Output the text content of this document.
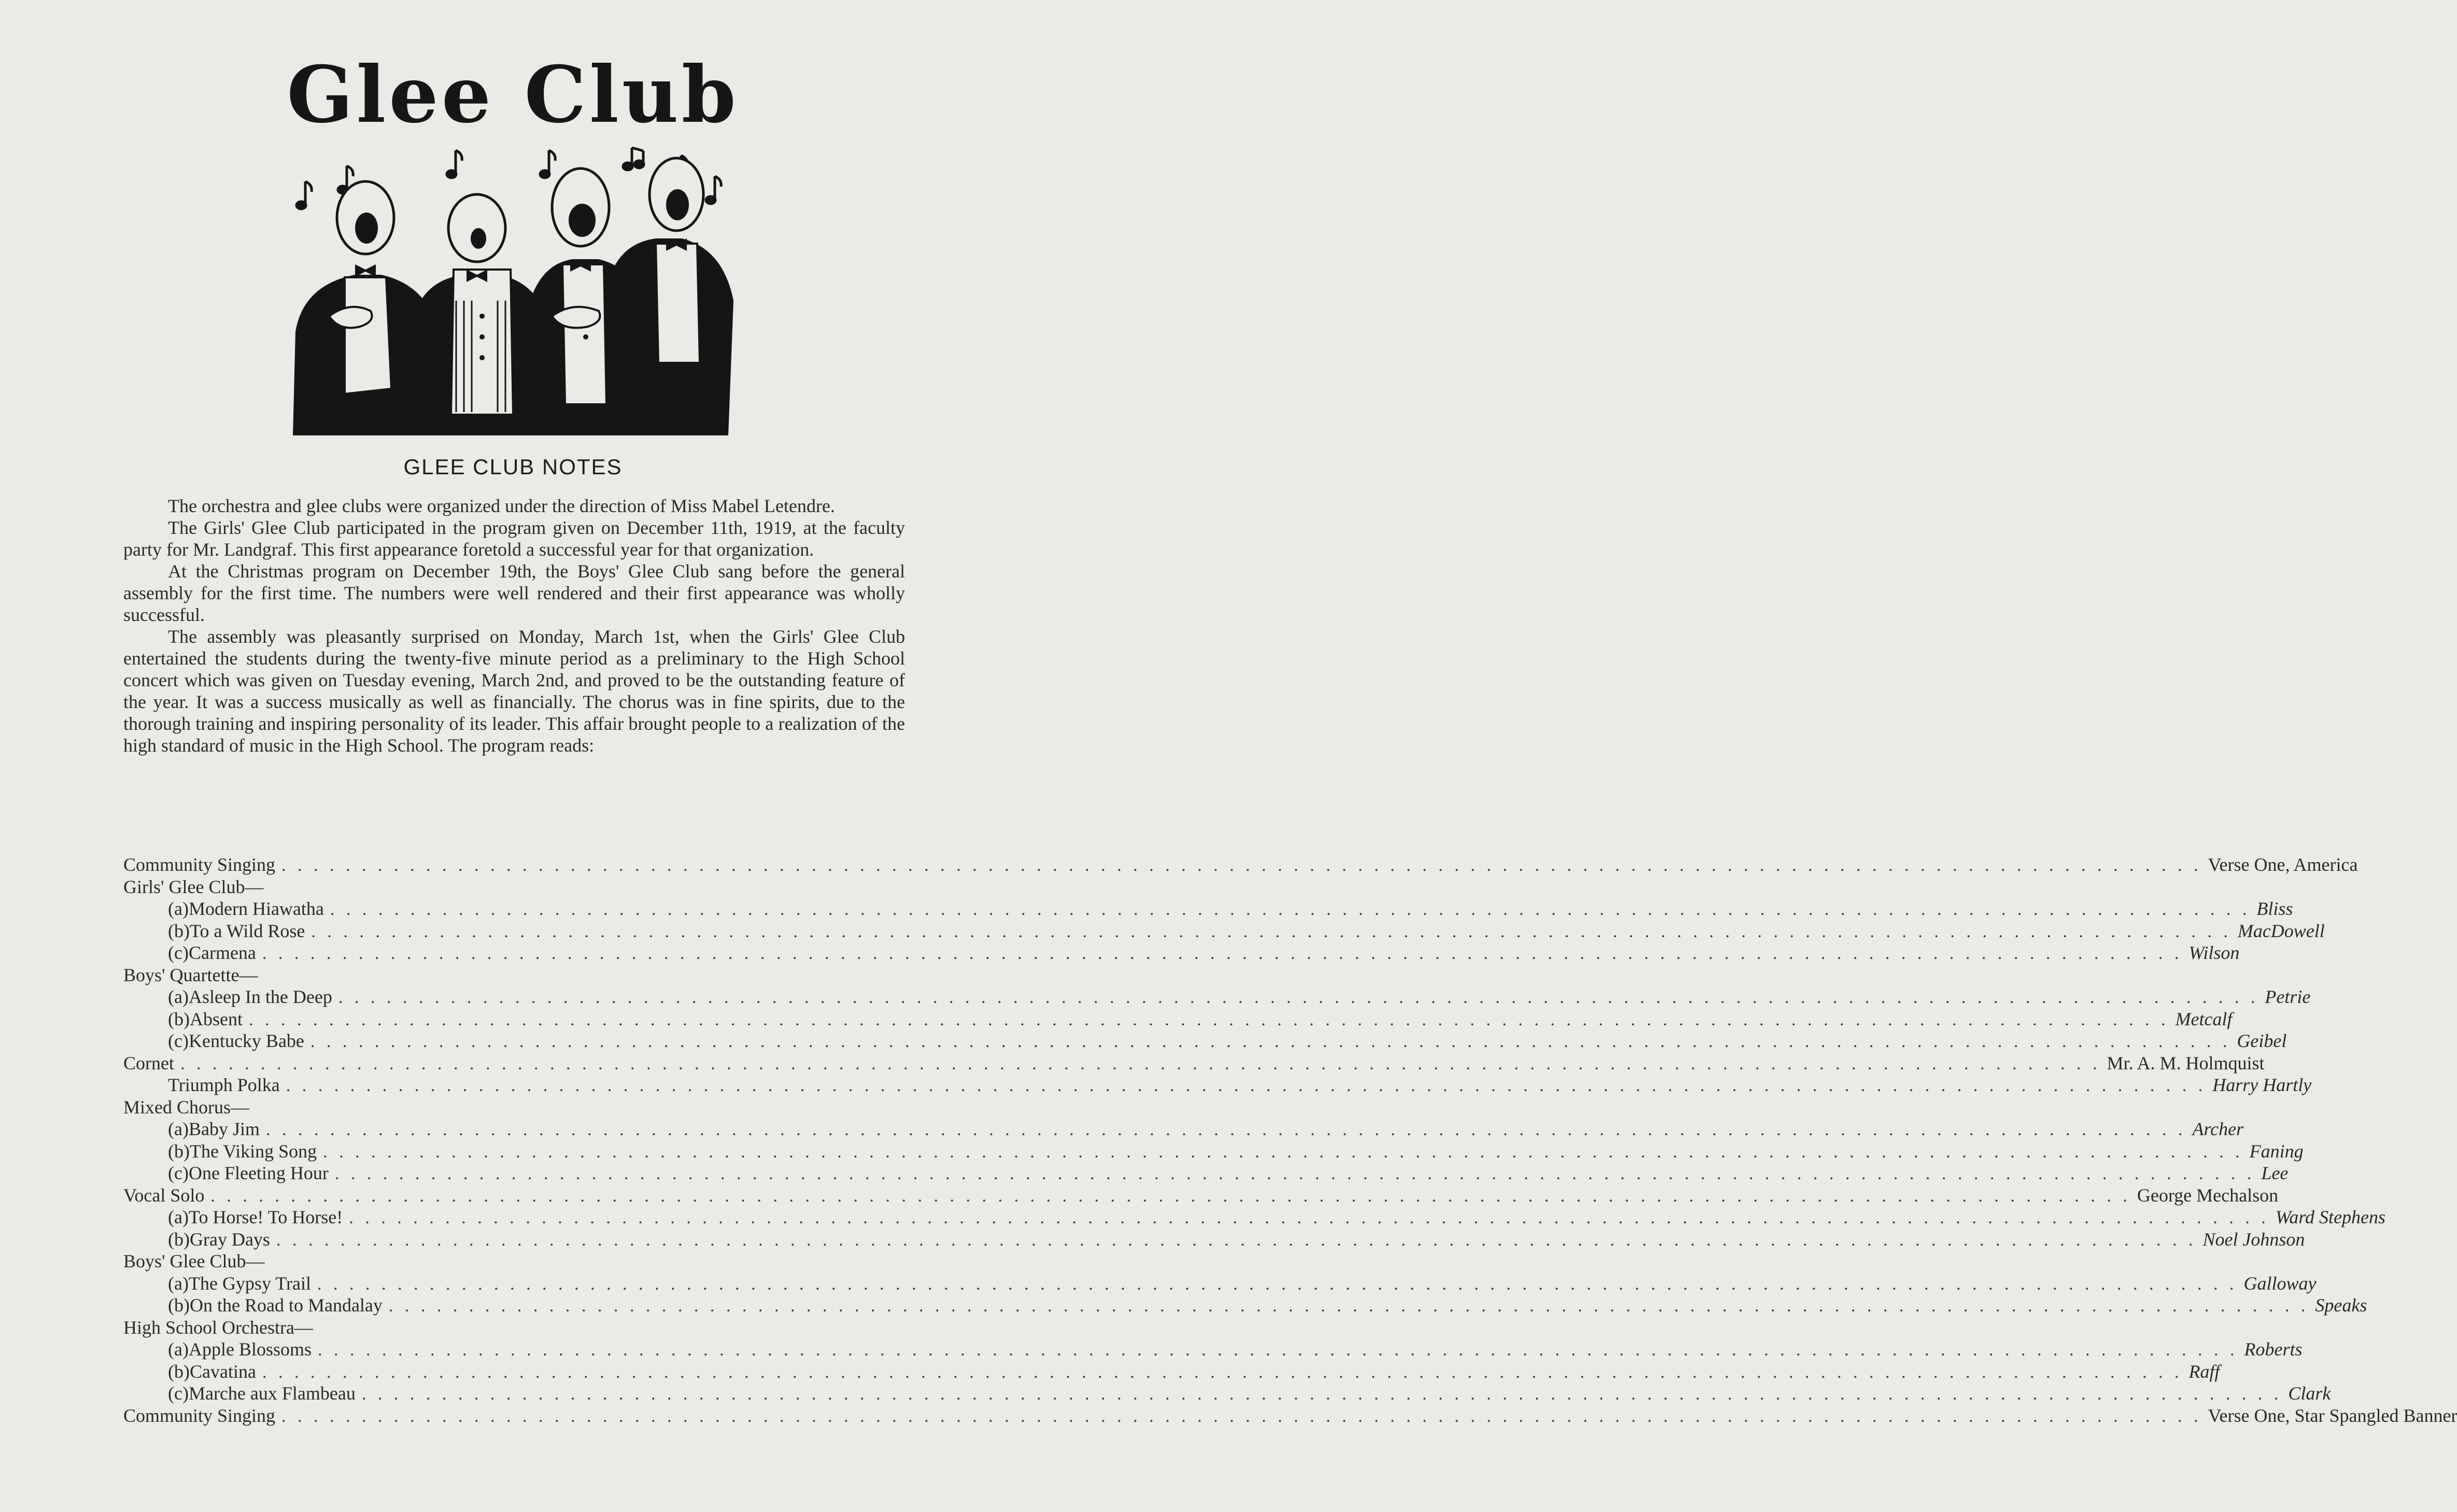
Glee Club
GLEE CLUB NOTES

The orchestra and glee clubs were organized under the direction of Miss Mabel Letendre.

The Girls' Glee Club participated in the program given on December 11th, 1919, at the faculty party for Mr. Landgraf. This first appearance foretold a successful year for that organization.

At the Christmas program on December 19th, the Boys' Glee Club sang before the general assembly for the first time. The numbers were well rendered and their first appearance was wholly successful.

The assembly was pleasantly surprised on Monday, March 1st, when the Girls' Glee Club entertained the students during the twenty-five minute period as a preliminary to the High School concert which was given on Tuesday evening, March 2nd, and proved to be the outstanding feature of the year. It was a success musically as well as financially. The chorus was in fine spirits, due to the thorough training and inspiring personality of its leader. This affair brought people to a realization of the high standard of music in the High School. The program reads:

Community Singing . . . . . . . . . . . . . . . . . . . . . . . . . . . . . . . . . . . . . . . . . . . . . . . . . . . . . . . . . . . . . . . . . . . . . . . . . . . . . . . . . . . . . . . . . . . . . . . . . . . . . . . . . . . . . . . . . . . . . . . . Verse One, America
Girls' Glee Club—
(a) Modern Hiawatha . . . . . . . . . . . . . . . . . . . . . . . . . . . . . . . . . . . . . . . . . . . . . . . . . . . . . . . . . . . . . . . . . . . . . . . . . . . . . . . . . . . . . . . . . . . . . . . . . . . . . . . . . . . . . . . . . . . . . . . . Bliss
(b) To a Wild Rose . . . . . . . . . . . . . . . . . . . . . . . . . . . . . . . . . . . . . . . . . . . . . . . . . . . . . . . . . . . . . . . . . . . . . . . . . . . . . . . . . . . . . . . . . . . . . . . . . . . . . . . . . . . . . . . . . . . . . . . . MacDowell
(c) Carmena . . . . . . . . . . . . . . . . . . . . . . . . . . . . . . . . . . . . . . . . . . . . . . . . . . . . . . . . . . . . . . . . . . . . . . . . . . . . . . . . . . . . . . . . . . . . . . . . . . . . . . . . . . . . . . . . . . . . . . . . Wilson
Boys' Quartette—
(a) Asleep In the Deep . . . . . . . . . . . . . . . . . . . . . . . . . . . . . . . . . . . . . . . . . . . . . . . . . . . . . . . . . . . . . . . . . . . . . . . . . . . . . . . . . . . . . . . . . . . . . . . . . . . . . . . . . . . . . . . . . . . . . . . . Petrie
(b) Absent . . . . . . . . . . . . . . . . . . . . . . . . . . . . . . . . . . . . . . . . . . . . . . . . . . . . . . . . . . . . . . . . . . . . . . . . . . . . . . . . . . . . . . . . . . . . . . . . . . . . . . . . . . . . . . . . . . . . . . . . Metcalf
(c) Kentucky Babe . . . . . . . . . . . . . . . . . . . . . . . . . . . . . . . . . . . . . . . . . . . . . . . . . . . . . . . . . . . . . . . . . . . . . . . . . . . . . . . . . . . . . . . . . . . . . . . . . . . . . . . . . . . . . . . . . . . . . . . . Geibel
Cornet . . . . . . . . . . . . . . . . . . . . . . . . . . . . . . . . . . . . . . . . . . . . . . . . . . . . . . . . . . . . . . . . . . . . . . . . . . . . . . . . . . . . . . . . . . . . . . . . . . . . . . . . . . . . . . . . . . . . . . . . Mr. A. M. Holmquist
Triumph Polka . . . . . . . . . . . . . . . . . . . . . . . . . . . . . . . . . . . . . . . . . . . . . . . . . . . . . . . . . . . . . . . . . . . . . . . . . . . . . . . . . . . . . . . . . . . . . . . . . . . . . . . . . . . . . . . . . . . . . . . . Harry Hartly
Mixed Chorus—
(a) Baby Jim . . . . . . . . . . . . . . . . . . . . . . . . . . . . . . . . . . . . . . . . . . . . . . . . . . . . . . . . . . . . . . . . . . . . . . . . . . . . . . . . . . . . . . . . . . . . . . . . . . . . . . . . . . . . . . . . . . . . . . . . Archer
(b) The Viking Song . . . . . . . . . . . . . . . . . . . . . . . . . . . . . . . . . . . . . . . . . . . . . . . . . . . . . . . . . . . . . . . . . . . . . . . . . . . . . . . . . . . . . . . . . . . . . . . . . . . . . . . . . . . . . . . . . . . . . . . . Faning
(c) One Fleeting Hour . . . . . . . . . . . . . . . . . . . . . . . . . . . . . . . . . . . . . . . . . . . . . . . . . . . . . . . . . . . . . . . . . . . . . . . . . . . . . . . . . . . . . . . . . . . . . . . . . . . . . . . . . . . . . . . . . . . . . . . . Lee
Vocal Solo . . . . . . . . . . . . . . . . . . . . . . . . . . . . . . . . . . . . . . . . . . . . . . . . . . . . . . . . . . . . . . . . . . . . . . . . . . . . . . . . . . . . . . . . . . . . . . . . . . . . . . . . . . . . . . . . . . . . . . . . George Mechalson
(a) To Horse! To Horse! . . . . . . . . . . . . . . . . . . . . . . . . . . . . . . . . . . . . . . . . . . . . . . . . . . . . . . . . . . . . . . . . . . . . . . . . . . . . . . . . . . . . . . . . . . . . . . . . . . . . . . . . . . . . . . . . . . . . . . . . Ward Stephens
(b) Gray Days . . . . . . . . . . . . . . . . . . . . . . . . . . . . . . . . . . . . . . . . . . . . . . . . . . . . . . . . . . . . . . . . . . . . . . . . . . . . . . . . . . . . . . . . . . . . . . . . . . . . . . . . . . . . . . . . . . . . . . . . Noel Johnson
Boys' Glee Club—
(a) The Gypsy Trail . . . . . . . . . . . . . . . . . . . . . . . . . . . . . . . . . . . . . . . . . . . . . . . . . . . . . . . . . . . . . . . . . . . . . . . . . . . . . . . . . . . . . . . . . . . . . . . . . . . . . . . . . . . . . . . . . . . . . . . . Galloway
(b) On the Road to Mandalay . . . . . . . . . . . . . . . . . . . . . . . . . . . . . . . . . . . . . . . . . . . . . . . . . . . . . . . . . . . . . . . . . . . . . . . . . . . . . . . . . . . . . . . . . . . . . . . . . . . . . . . . . . . . . . . . . . . . . . . . Speaks
High School Orchestra—
(a) Apple Blossoms . . . . . . . . . . . . . . . . . . . . . . . . . . . . . . . . . . . . . . . . . . . . . . . . . . . . . . . . . . . . . . . . . . . . . . . . . . . . . . . . . . . . . . . . . . . . . . . . . . . . . . . . . . . . . . . . . . . . . . . . Roberts
(b) Cavatina . . . . . . . . . . . . . . . . . . . . . . . . . . . . . . . . . . . . . . . . . . . . . . . . . . . . . . . . . . . . . . . . . . . . . . . . . . . . . . . . . . . . . . . . . . . . . . . . . . . . . . . . . . . . . . . . . . . . . . . . Raff
(c) Marche aux Flambeau . . . . . . . . . . . . . . . . . . . . . . . . . . . . . . . . . . . . . . . . . . . . . . . . . . . . . . . . . . . . . . . . . . . . . . . . . . . . . . . . . . . . . . . . . . . . . . . . . . . . . . . . . . . . . . . . . . . . . . . . Clark
Community Singing . . . . . . . . . . . . . . . . . . . . . . . . . . . . . . . . . . . . . . . . . . . . . . . . . . . . . . . . . . . . . . . . . . . . . . . . . . . . . . . . . . . . . . . . . . . . . . . . . . . . . . . . . . . . . . . . . . . . . . . . Verse One, Star Spangled Banner
